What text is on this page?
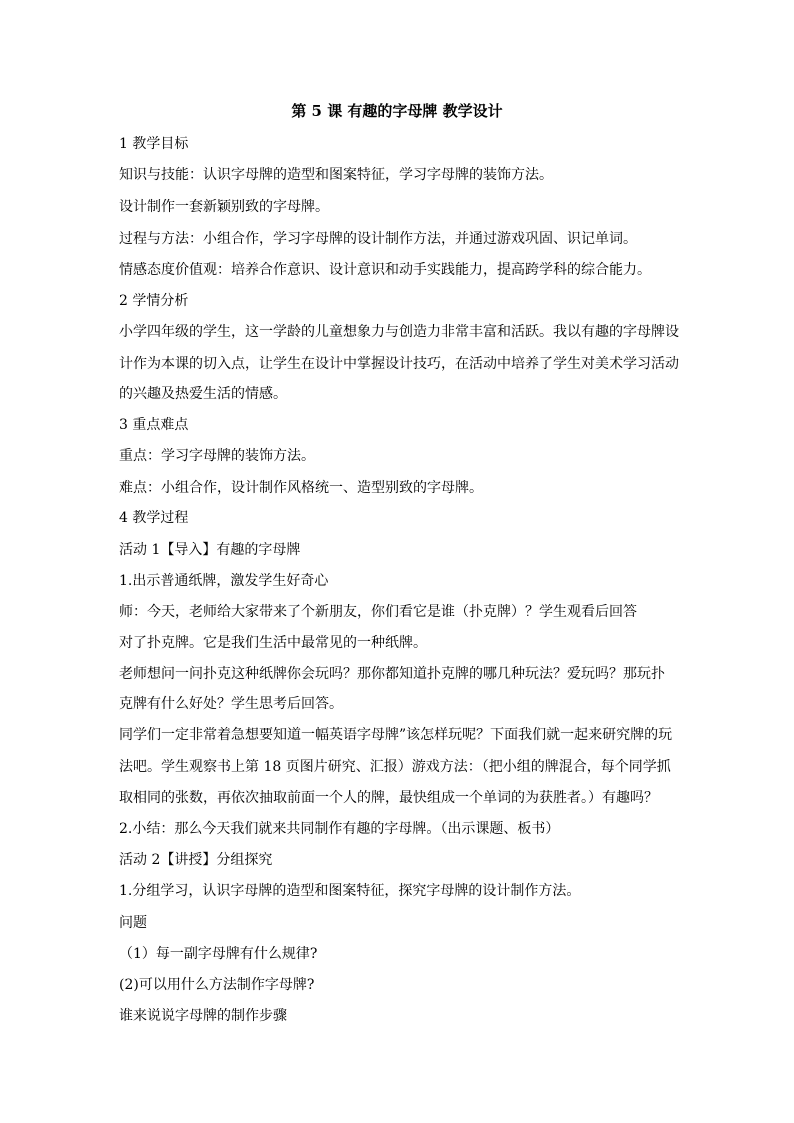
第 5 课 有趣的字母牌 教学设计
1 教学目标
知识与技能：认识字母牌的造型和图案特征，学习字母牌的装饰方法。
设计制作一套新颖别致的字母牌。
过程与方法：小组合作，学习字母牌的设计制作方法，并通过游戏巩固、识记单词。
情感态度价值观：培养合作意识、设计意识和动手实践能力，提高跨学科的综合能力。
2 学情分析
小学四年级的学生，这一学龄的儿童想象力与创造力非常丰富和活跃。我以有趣的字母牌设
计作为本课的切入点，让学生在设计中掌握设计技巧，在活动中培养了学生对美术学习活动
的兴趣及热爱生活的情感。
3 重点难点
重点：学习字母牌的装饰方法。
难点：小组合作，设计制作风格统一、造型别致的字母牌。
4 教学过程
活动 1【导入】有趣的字母牌
1.出示普通纸牌，激发学生好奇心
师：今天，老师给大家带来了个新朋友，你们看它是谁（扑克牌）？学生观看后回答
对了扑克牌。它是我们生活中最常见的一种纸牌。
老师想问一问扑克这种纸牌你会玩吗？那你都知道扑克牌的哪几种玩法？爱玩吗？那玩扑
克牌有什么好处？学生思考后回答。
同学们一定非常着急想要知道一幅英语字母牌”该怎样玩呢？下面我们就一起来研究牌的玩
法吧。学生观察书上第 18 页图片研究、汇报）游戏方法：（把小组的牌混合，每个同学抓
取相同的张数，再依次抽取前面一个人的牌，最快组成一个单词的为获胜者。）有趣吗？
2.小结：那么今天我们就来共同制作有趣的字母牌。（出示课题、板书）
活动 2【讲授】分组探究
1.分组学习，认识字母牌的造型和图案特征，探究字母牌的设计制作方法。
问题
（1）每一副字母牌有什么规律?
(2)可以用什么方法制作字母牌?
谁来说说字母牌的制作步骤
